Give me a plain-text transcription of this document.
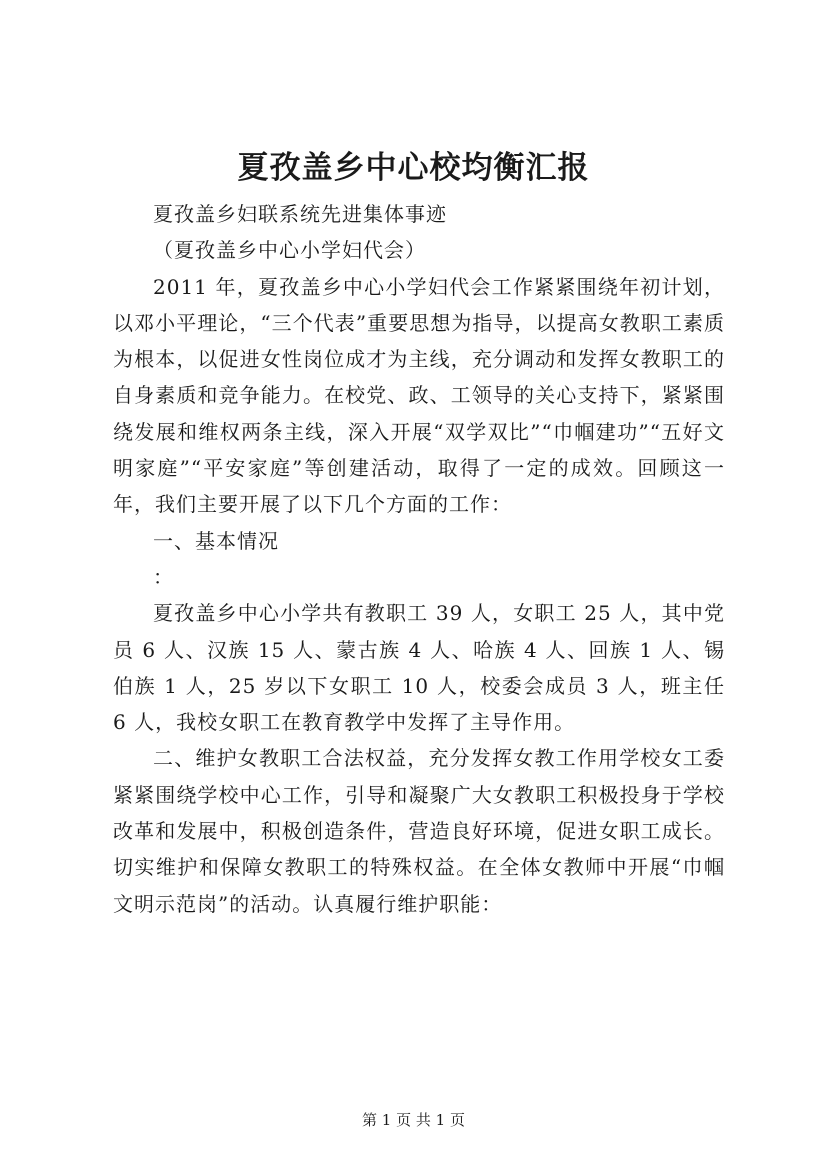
夏孜盖乡中心校均衡汇报

夏孜盖乡妇联系统先进集体事迹

（夏孜盖乡中心小学妇代会）

2011 年，夏孜盖乡中心小学妇代会工作紧紧围绕年初计划，以邓小平理论，“三个代表”重要思想为指导，以提高女教职工素质为根本，以促进女性岗位成才为主线，充分调动和发挥女教职工的自身素质和竞争能力。在校党、政、工领导的关心支持下，紧紧围绕发展和维权两条主线，深入开展“双学双比”“巾帼建功”“五好文明家庭”“平安家庭”等创建活动，取得了一定的成效。回顾这一年，我们主要开展了以下几个方面的工作：

一、基本情况

：

夏孜盖乡中心小学共有教职工 39 人，女职工 25 人，其中党员 6 人、汉族 15 人、蒙古族 4 人、哈族 4 人、回族 1 人、锡伯族 1 人，25 岁以下女职工 10 人，校委会成员 3 人，班主任 6 人，我校女职工在教育教学中发挥了主导作用。

二、维护女教职工合法权益，充分发挥女教工作用学校女工委紧紧围绕学校中心工作，引导和凝聚广大女教职工积极投身于学校改革和发展中，积极创造条件，营造良好环境，促进女职工成长。切实维护和保障女教职工的特殊权益。在全体女教师中开展“巾帼文明示范岗”的活动。认真履行维护职能：

第 1 页 共 1 页
